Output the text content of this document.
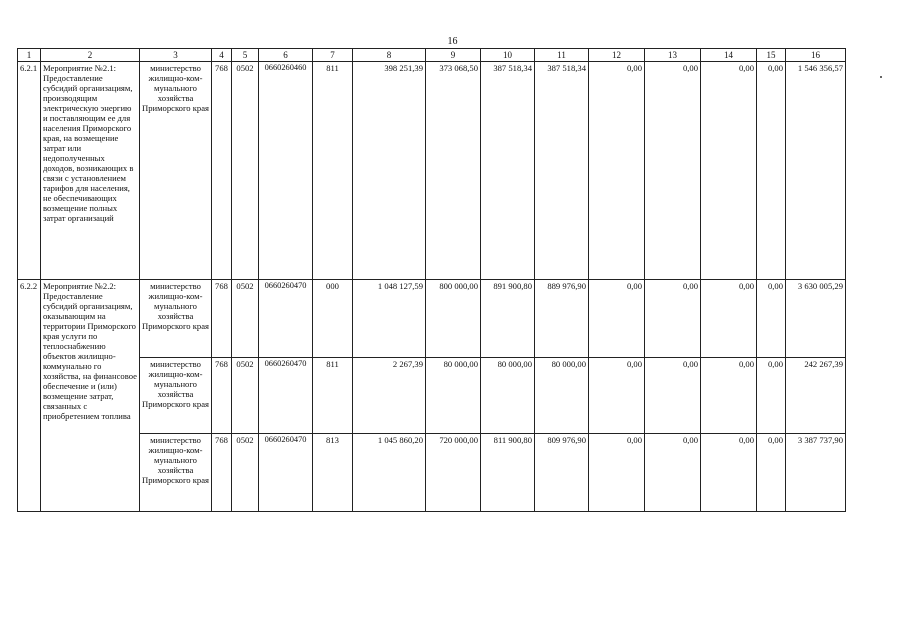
16
1	2	3	4	5	6	7	8	9	10	11	12	13	14	15	16
6.2.1	Мероприятие №2.1: Предоставление субсидий организациям, производящим электрическую энергию и поставляющим ее для населения Приморского края, на возмещение затрат или недополученных доходов, возникающих в связи с установлением тарифов для населения, не обеспечивающих возмещение полных затрат организаций	министерство жилищно-ком-мунального хозяйства Приморского края	768	0502	0660260460	811	398 251,39	373 068,50	387 518,34	387 518,34	0,00	0,00	0,00	0,00	1 546 356,57
6.2.2	Мероприятие №2.2: Предоставление субсидий организациям, оказывающим на территории Приморского края услуги по теплоснабжению объектов жилищно-коммунально го хозяйства, на финансовое обеспечение и (или) возмещение затрат, связанных с приобретением топлива	министерство жилищно-ком-мунального хозяйства Приморского края	768	0502	0660260470	000	1 048 127,59	800 000,00	891 900,80	889 976,90	0,00	0,00	0,00	0,00	3 630 005,29
		министерство жилищно-ком-мунального хозяйства Приморского края	768	0502	0660260470	811	2 267,39	80 000,00	80 000,00	80 000,00	0,00	0,00	0,00	0,00	242 267,39
		министерство жилищно-ком-мунального хозяйства Приморского края	768	0502	0660260470	813	1 045 860,20	720 000,00	811 900,80	809 976,90	0,00	0,00	0,00	0,00	3 387 737,90
